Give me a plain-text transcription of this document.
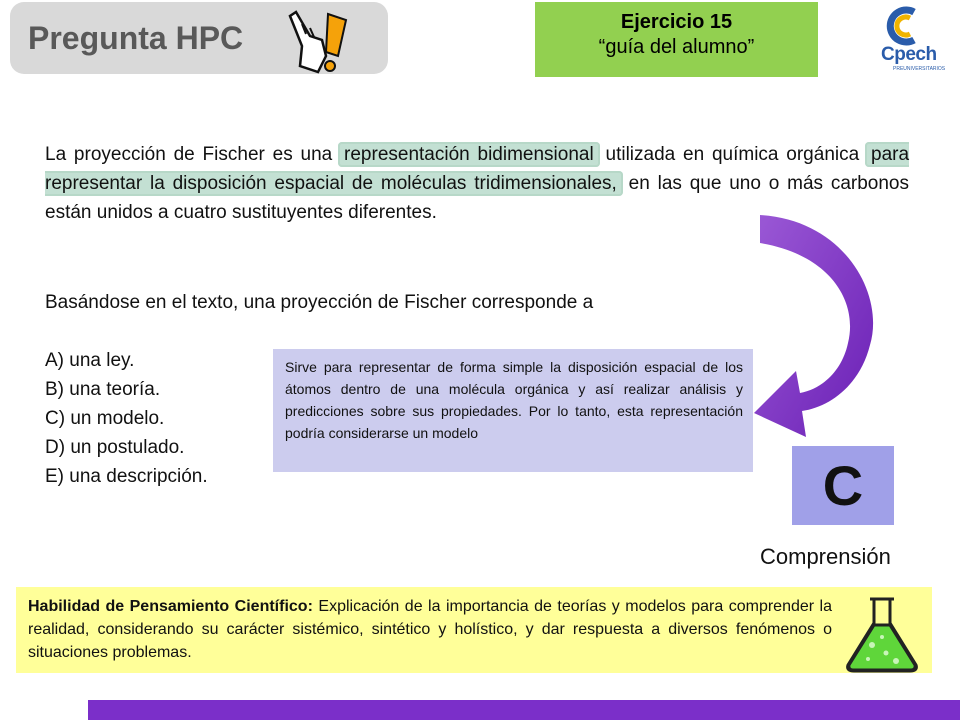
Pregunta HPC	Ejercicio 15
“guía del alumno”	Cpech
PREUNIVERSITARIOS
La proyección de Fischer es una representación bidimensional utilizada en química orgánica para representar la disposición espacial de moléculas tridimensionales, en las que uno o más carbonos están unidos a cuatro sustituyentes diferentes.
Basándose en el texto, una proyección de Fischer corresponde a
A) una ley.
B) una teoría.
C) un modelo.
D) un postulado.
E) una descripción.
Sirve para representar de forma simple la disposición espacial de los átomos dentro de una molécula orgánica y así realizar análisis y predicciones sobre sus propiedades. Por lo tanto, esta representación podría considerarse un modelo
C
Comprensión
Habilidad de Pensamiento Científico: Explicación de la importancia de teorías y modelos para comprender la realidad, considerando su carácter sistémico, sintético y holístico, y dar respuesta a diversos fenómenos o situaciones problemas.
